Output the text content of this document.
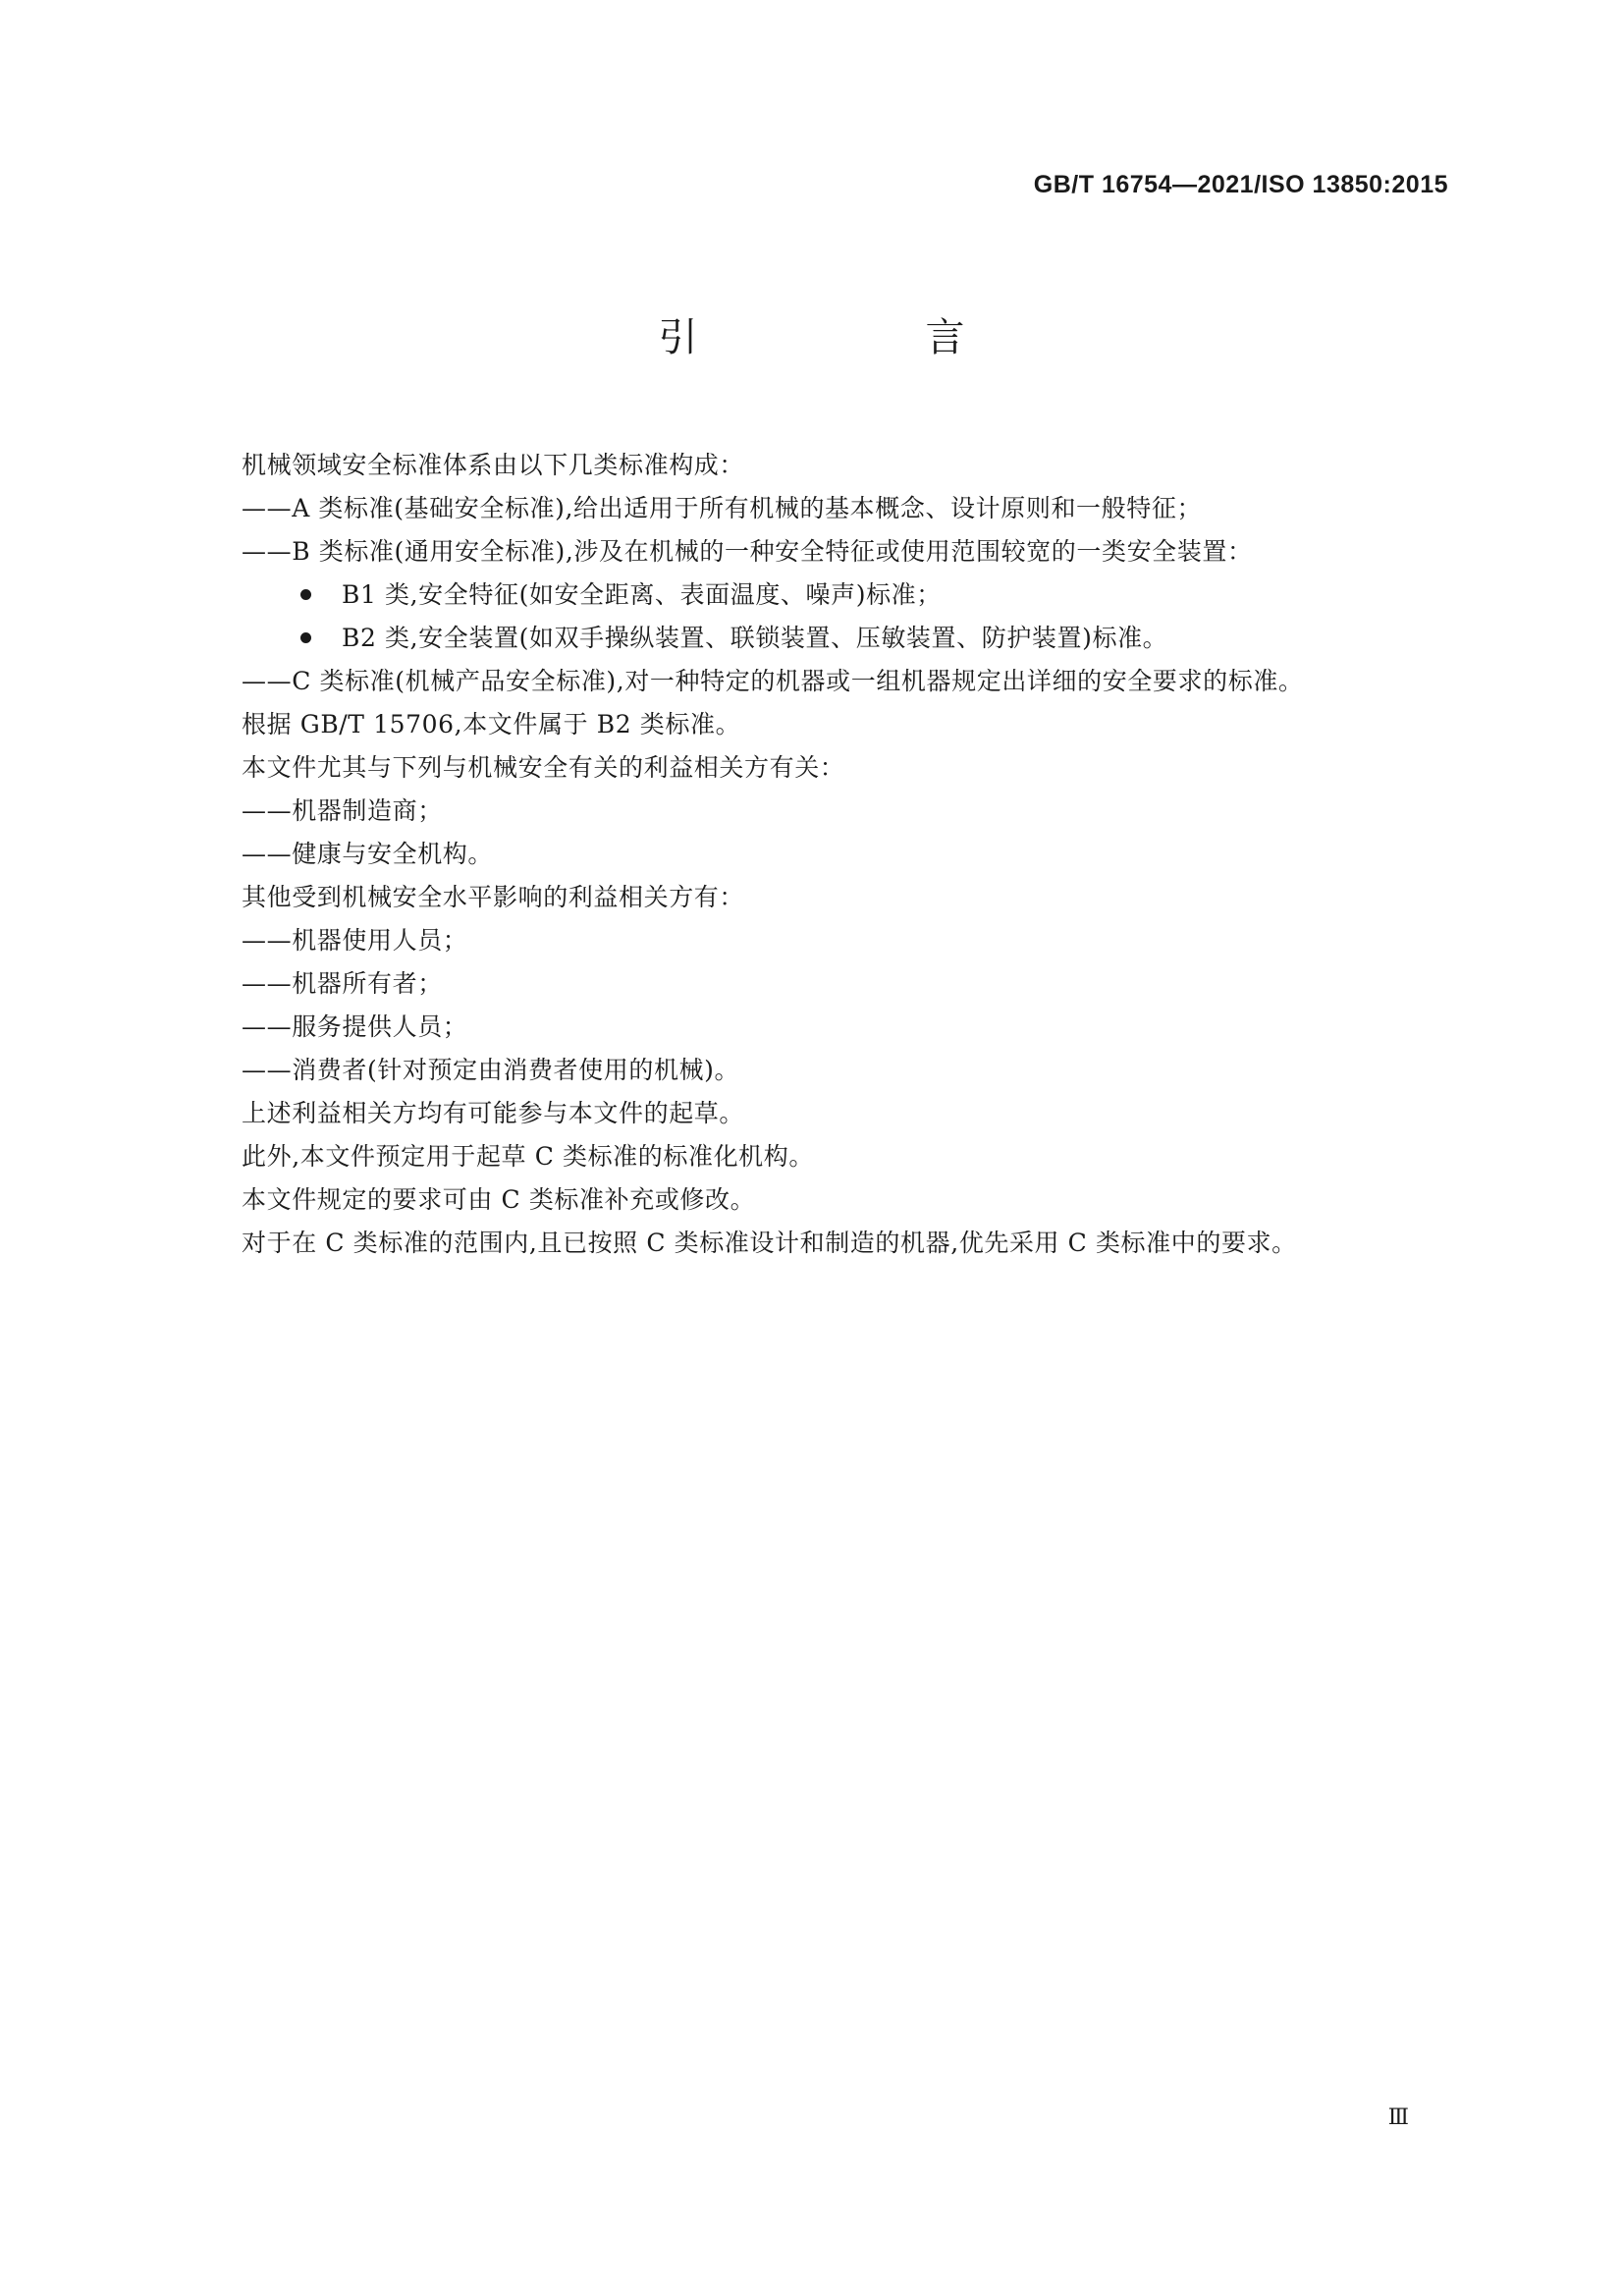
GB/T 16754—2021/ISO 13850:2015
引　言
机械领域安全标准体系由以下几类标准构成：
——A 类标准(基础安全标准),给出适用于所有机械的基本概念、设计原则和一般特征；
——B 类标准(通用安全标准),涉及在机械的一种安全特征或使用范围较宽的一类安全装置：
B1 类,安全特征(如安全距离、表面温度、噪声)标准；
B2 类,安全装置(如双手操纵装置、联锁装置、压敏装置、防护装置)标准。
——C 类标准(机械产品安全标准),对一种特定的机器或一组机器规定出详细的安全要求的标准。
根据 GB/T 15706,本文件属于 B2 类标准。
本文件尤其与下列与机械安全有关的利益相关方有关：
——机器制造商；
——健康与安全机构。
其他受到机械安全水平影响的利益相关方有：
——机器使用人员；
——机器所有者；
——服务提供人员；
——消费者(针对预定由消费者使用的机械)。
上述利益相关方均有可能参与本文件的起草。
此外,本文件预定用于起草 C 类标准的标准化机构。
本文件规定的要求可由 C 类标准补充或修改。
对于在 C 类标准的范围内,且已按照 C 类标准设计和制造的机器,优先采用 C 类标准中的要求。
Ⅲ
